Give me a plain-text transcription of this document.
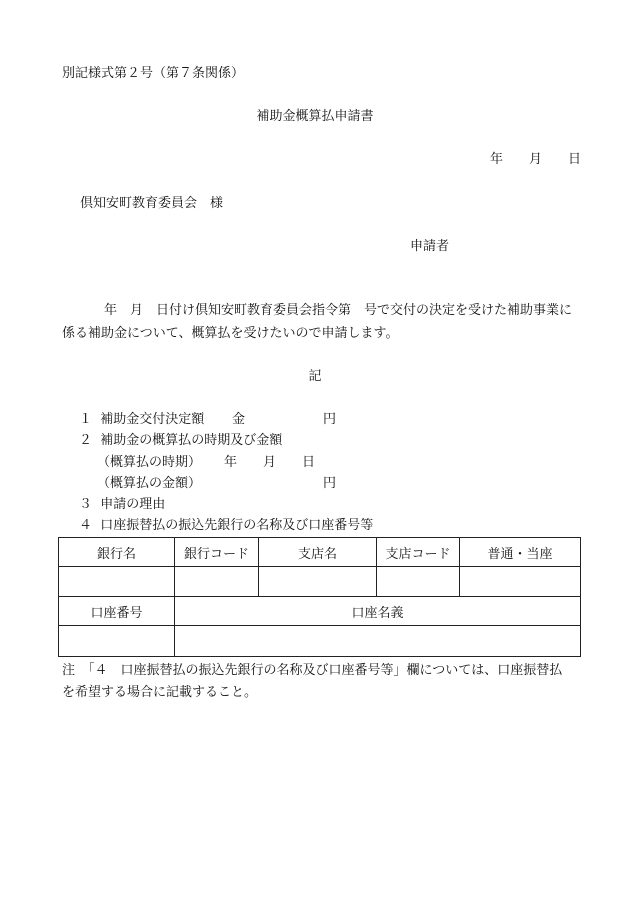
別記様式第２号（第７条関係）
補助金概算払申請書
年　　月　　日
倶知安町教育委員会　様
申請者
年　月　日付け倶知安町教育委員会指令第　号で交付の決定を受けた補助事業に
係る補助金について、概算払を受けたいので申請します。
記
１  補助金交付決定額 金	円
２  補助金の概算払の時期及び金額
（概算払の時期） 年　　月　　日
（概算払の金額）	円
３  申請の理由
４  口座振替払の振込先銀行の名称及び口座番号等
銀行名	銀行コード	支店名	支店コード	普通・当座

口座番号	口座名義			

注　「４　口座振替払の振込先銀行の名称及び口座番号等」欄については、口座振替払
を希望する場合に記載すること。
